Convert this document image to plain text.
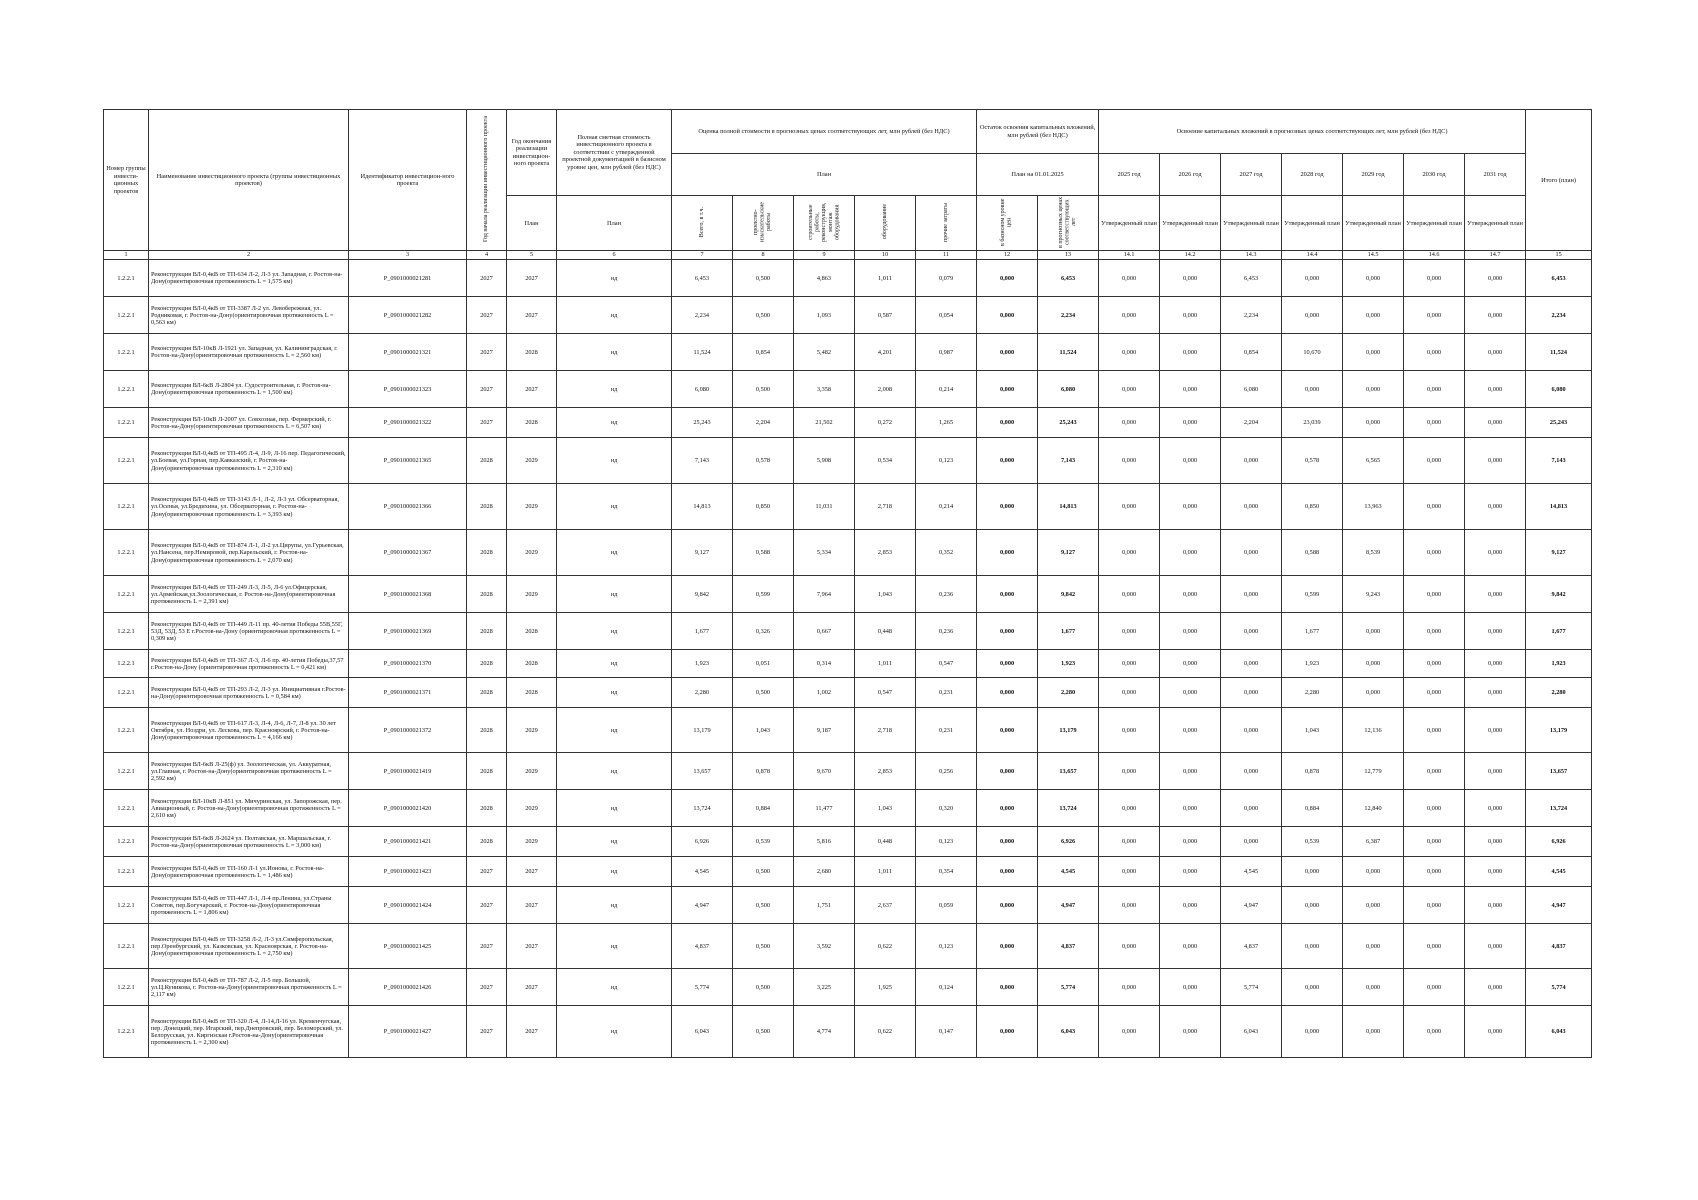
Номер группы инвести-ционных проектов	Наименование инвестиционного проекта (группы инвестиционных проектов)	Идентификатор инвестицион-ного проекта	Год начала реализации инвестиционного проекта	Год окончания реализации инвестицион-ного проекта	Полная сметная стоимость инвестиционного проекта в соответствии с утвержденной проектной документацией в базисном уровне цен, млн рублей (без НДС)	Оценка полной стоимости в прогнозных ценах соответствующих лет, млн рублей (без НДС)					Остаток освоения капитальных вложений, млн рублей (без НДС)		Освоение капитальных вложений в прогнозных ценах соответствующих лет, млн рублей (без НДС)							Итого (план)
						План					План на 01.01.2025		2025 год	2026 год	2027 год	2028 год	2029 год	2030 год	2031 год	
				План	План	Всего, в т.ч.	проектно-изыскательские работы	строительные работы, реконструкция, монтаж оборудования	оборудование	прочие затраты	в базисном уровне цен	в прогнозных ценах соответствующих лет	Утвержденный план	Утвержденный план	Утвержденный план	Утвержденный план	Утвержденный план	Утвержденный план	Утвержденный план	
1	2	3	4	5	6	7	8	9	10	11	12	13	14.1	14.2	14.3	14.4	14.5	14.6	14.7	15
1.2.2.1	Реконструкция ВЛ-0,4кВ от ТП-634 Л-2, Л-3 ул. Западная, г. Ростов-на-Дону(ориентировочная протяженность L = 1,575 км)	P_0901000021281	2027	2027	нд	6,453	0,500	4,863	1,011	0,079	0,000	6,453	0,000	0,000	6,453	0,000	0,000	0,000	0,000	6,453
1.2.2.1	Реконструкция ВЛ-0,4кВ от ТП-3387 Л-2 ул. Левобережная, ул. Родниковая, г. Ростов-на-Дону(ориентировочная протяженность L = 0,563 км)	P_0901000021282	2027	2027	нд	2,234	0,500	1,093	0,587	0,054	0,000	2,234	0,000	0,000	2,234	0,000	0,000	0,000	0,000	2,234
1.2.2.1	Реконструкция ВЛ-10кВ Л-1921 ул. Западная, ул. Калининградская, г. Ростов-на-Дону(ориентировочная протяженность L = 2,560 км)	P_0901000021321	2027	2028	нд	11,524	0,854	5,482	4,201	0,987	0,000	11,524	0,000	0,000	0,854	10,670	0,000	0,000	0,000	11,524
1.2.2.1	Реконструкция ВЛ-6кВ Л-2804 ул. Судостроительная, г. Ростов-на-Дону(ориентировочная протяженность L = 1,500 км)	P_0901000021323	2027	2027	нд	6,080	0,500	3,358	2,008	0,214	0,000	6,080	0,000	0,000	6,080	0,000	0,000	0,000	0,000	6,080
1.2.2.1	Реконструкция ВЛ-10кВ Л-2007 ул. Совхозная, пер. Фермерский, г. Ростов-на-Дону(ориентировочная протяженность L = 6,507 км)	P_0901000021322	2027	2028	нд	25,243	2,204	21,502	0,272	1,265	0,000	25,243	0,000	0,000	2,204	23,039	0,000	0,000	0,000	25,243
1.2.2.1	Реконструкция ВЛ-0,4кВ от ТП-495 Л-4, Л-9, Л-16 пер. Педагогический, ул.Боевая, ул.Горная, пер.Кавказский, г. Ростов-на-Дону(ориентировочная протяженность L = 2,310 км)	P_0901000021365	2028	2029	нд	7,143	0,578	5,908	0,534	0,123	0,000	7,143	0,000	0,000	0,000	0,578	6,565	0,000	0,000	7,143
1.2.2.1	Реконструкция ВЛ-0,4кВ от ТП-3143 Л-1, Л-2, Л-3 ул. Обсерваторная, ул.Осенья, ул.Бредихина, ул. Обсерваторная, г. Ростов-на-Дону(ориентировочная протяженность L = 3,393 км)	P_0901000021366	2028	2029	нд	14,813	0,850	11,031	2,718	0,214	0,000	14,813	0,000	0,000	0,000	0,850	13,963	0,000	0,000	14,813
1.2.2.1	Реконструкция ВЛ-0,4кВ от ТП-874 Л-1, Л-2 ул.Цирупы, ул.Гурьевская, ул.Нансена, пер.Немировой, пер.Карельский, г. Ростов-на-Дону(ориентировочная протяженность L = 2,070 км)	P_0901000021367	2028	2029	нд	9,127	0,588	5,334	2,853	0,352	0,000	9,127	0,000	0,000	0,000	0,588	8,539	0,000	0,000	9,127
1.2.2.1	Реконструкция ВЛ-0,4кВ от ТП-249 Л-3, Л-5, Л-6 ул.Офицерская, ул.Армейская,ул.Зоологическая, г. Ростов-на-Дону(ориентировочная протяженность L = 2,391 км)	P_0901000021368	2028	2029	нд	9,842	0,599	7,964	1,043	0,236	0,000	9,842	0,000	0,000	0,000	0,599	9,243	0,000	0,000	9,842
1.2.2.1	Реконструкция ВЛ-0,4кВ от ТП-449 Л-11 пр. 40-летия Победы 55В,55Г, 53Д, 53Д, 53 Е г.Ростов-на-Дону (ориентировочная протяженность L = 0,309 км)	P_0901000021369	2028	2028	нд	1,677	0,326	0,667	0,448	0,236	0,000	1,677	0,000	0,000	0,000	1,677	0,000	0,000	0,000	1,677
1.2.2.1	Реконструкция ВЛ-0,4кВ от ТП-367 Л-3, Л-6 пр. 40-летия Победы,37,57 г.Ростов-на-Дону (ориентировочная протяженность L = 0,421 км)	P_0901000021370	2028	2028	нд	1,923	0,051	0,314	1,011	0,547	0,000	1,923	0,000	0,000	0,000	1,923	0,000	0,000	0,000	1,923
1.2.2.1	Реконструкция ВЛ-0,4кВ от ТП-293 Л-2, Л-3 ул. Инициативная г.Ростов-на-Дону(ориентировочная протяженность L = 0,584 км)	P_0901000021371	2028	2028	нд	2,280	0,500	1,002	0,547	0,231	0,000	2,280	0,000	0,000	0,000	2,280	0,000	0,000	0,000	2,280
1.2.2.1	Реконструкция ВЛ-0,4кВ от ТП-617 Л-3, Л-4, Л-6, Л-7, Л-8 ул. 30 лет Октября, ул. Ноздри, ул. Лескова, пер. Красноярский, г. Ростов-на-Дону(ориентировочная протяженность L = 4,166 км)	P_0901000021372	2028	2029	нд	13,179	1,043	9,187	2,718	0,231	0,000	13,179	0,000	0,000	0,000	1,043	12,136	0,000	0,000	13,179
1.2.2.1	Реконструкция ВЛ-6кВ Л-25(ф) ул. Зоологическая, ул. Аккуратная, ул.Главная, г. Ростов-на-Дону(ориентировочная протяженность L = 2,592 км)	P_0901000021419	2028	2029	нд	13,657	0,878	9,670	2,853	0,256	0,000	13,657	0,000	0,000	0,000	0,878	12,779	0,000	0,000	13,657
1.2.2.1	Реконструкция ВЛ-10кВ Л-851 ул. Мичуринская, ул. Запорожская, пер. Авиационный, г. Ростов-на-Дону(ориентировочная протяженность L = 2,610 км)	P_0901000021420	2028	2029	нд	13,724	0,884	11,477	1,043	0,320	0,000	13,724	0,000	0,000	0,000	0,884	12,840	0,000	0,000	13,724
1.2.2.1	Реконструкция ВЛ-6кВ Л-2624 ул. Полтавская, ул. Маршальская, г. Ростов-на-Дону(ориентировочная протяженность L = 3,000 км)	P_0901000021421	2028	2029	нд	6,926	0,539	5,816	0,448	0,123	0,000	6,926	0,000	0,000	0,000	0,539	6,387	0,000	0,000	6,926
1.2.2.1	Реконструкция ВЛ-0,4кВ от ТП-160 Л-1 ул.Ионова, г. Ростов-на-Дону(ориентировочная протяженность L = 1,486 км)	P_0901000021423	2027	2027	нд	4,545	0,500	2,680	1,011	0,354	0,000	4,545	0,000	0,000	4,545	0,000	0,000	0,000	0,000	4,545
1.2.2.1	Реконструкция ВЛ-0,4кВ от ТП-447 Л-1, Л-4 пр.Ленина, ул.Страны Советов, пер.Богучарский, г. Ростов-на-Дону(ориентировочная протяженность L = 1,806 км)	P_0901000021424	2027	2027	нд	4,947	0,500	1,751	2,637	0,059	0,000	4,947	0,000	0,000	4,947	0,000	0,000	0,000	0,000	4,947
1.2.2.1	Реконструкция ВЛ-0,4кВ от ТП-3258 Л-2, Л-3 ул.Симферопольская, пер.Оренбургский, ул. Казковская, ул. Красноярская, г. Ростов-на-Дону(ориентировочная протяженность L = 2,750 км)	P_0901000021425	2027	2027	нд	4,837	0,500	3,592	0,622	0,123	0,000	4,837	0,000	0,000	4,837	0,000	0,000	0,000	0,000	4,837
1.2.2.1	Реконструкция ВЛ-0,4кВ от ТП-787 Л-2, Л-5 пер. Большой, ул.Ц.Куникова, г. Ростов-на-Дону(ориентировочная протяженность L = 2,117 км)	P_0901000021426	2027	2027	нд	5,774	0,500	3,225	1,925	0,124	0,000	5,774	0,000	0,000	5,774	0,000	0,000	0,000	0,000	5,774
1.2.2.1	Реконструкция ВЛ-0,4кВ от ТП-320 Л-4, Л-14,Л-16 ул. Кременчугская, пер. Донецкий, пер. Игарский, пер.Днепровский, пер. Беломорский, ул. Белорусская, ул. Киргизская г.Ростов-на-Дону(ориентировочная протяженность L = 2,300 км)	P_0901000021427	2027	2027	нд	6,043	0,500	4,774	0,622	0,147	0,000	6,043	0,000	0,000	6,043	0,000	0,000	0,000	0,000	6,043
